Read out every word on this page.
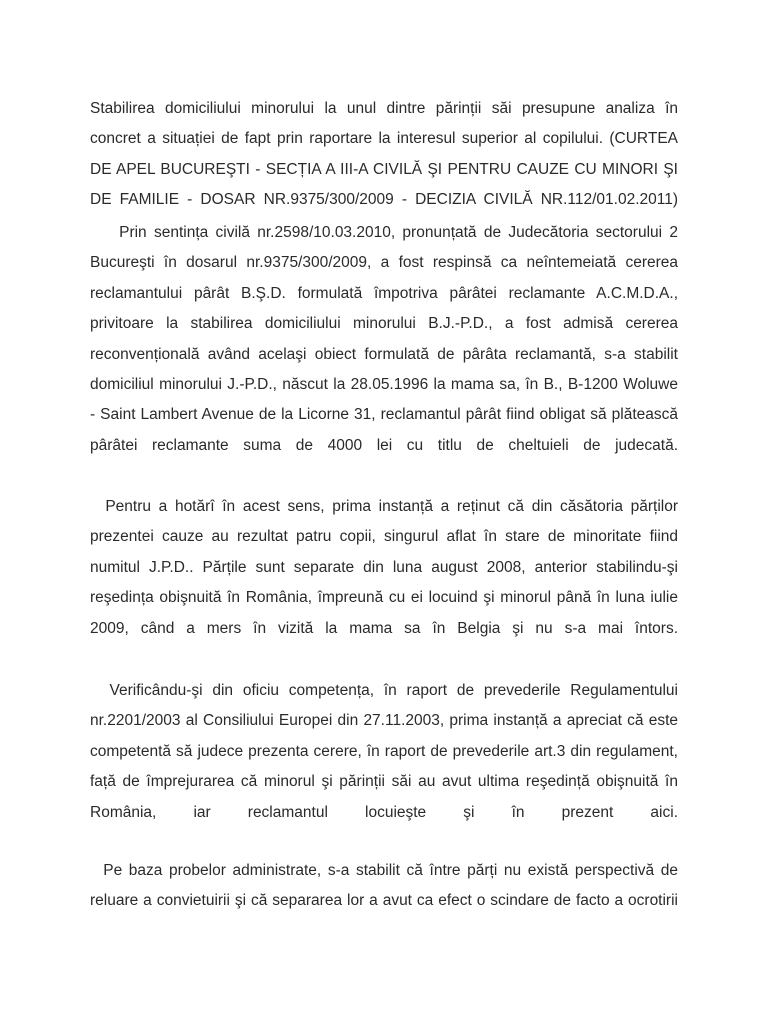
Stabilirea domiciliului minorului la unul dintre părinții săi presupune analiza în
concret a situației de fapt prin raportare la interesul superior al copilului. (CURTEA
DE APEL BUCUREŞTI - SECȚIA A III-A CIVILĂ ŞI PENTRU CAUZE CU MINORI ŞI
DE FAMILIE - DOSAR NR.9375/300/2009 - DECIZIA CIVILĂ NR.112/01.02.2011)
Prin sentința civilă nr.2598/10.03.2010, pronunțată de Judecătoria sectorului 2
Bucureşti în dosarul nr.9375/300/2009, a fost respinsă ca neîntemeiată cererea
reclamantului pârât B.Ş.D. formulată împotriva pârâtei reclamante A.C.M.D.A.,
privitoare la stabilirea domiciliului minorului B.J.-P.D., a fost admisă cererea
reconvențională având acelaşi obiect formulată de pârâta reclamantă, s-a stabilit
domiciliul minorului J.-P.D., născut la 28.05.1996 la mama sa, în B., B-1200 Woluwe
- Saint Lambert Avenue de la Licorne 31, reclamantul pârât fiind obligat să plătească
pârâtei reclamante suma de 4000 lei cu titlu de cheltuieli de judecată.
Pentru a hotărî în acest sens, prima instanță a reținut că din căsătoria părților
prezentei cauze au rezultat patru copii, singurul aflat în stare de minoritate fiind
numitul J.P.D.. Părțile sunt separate din luna august 2008, anterior stabilindu-şi
reşedința obişnuită în România, împreună cu ei locuind şi minorul până în luna iulie
2009, când a mers în vizită la mama sa în Belgia şi nu s-a mai întors.
Verificându-şi din oficiu competența, în raport de prevederile Regulamentului
nr.2201/2003 al Consiliului Europei din 27.11.2003, prima instanță a apreciat că este
competentă să judece prezenta cerere, în raport de prevederile art.3 din regulament,
față de împrejurarea că minorul şi părinții săi au avut ultima reşedință obişnuită în
România, iar reclamantul locuieşte şi în prezent aici.
Pe baza probelor administrate, s-a stabilit că între părți nu există perspectivă de
reluare a convietuirii şi că separarea lor a avut ca efect o scindare de facto a ocrotirii
